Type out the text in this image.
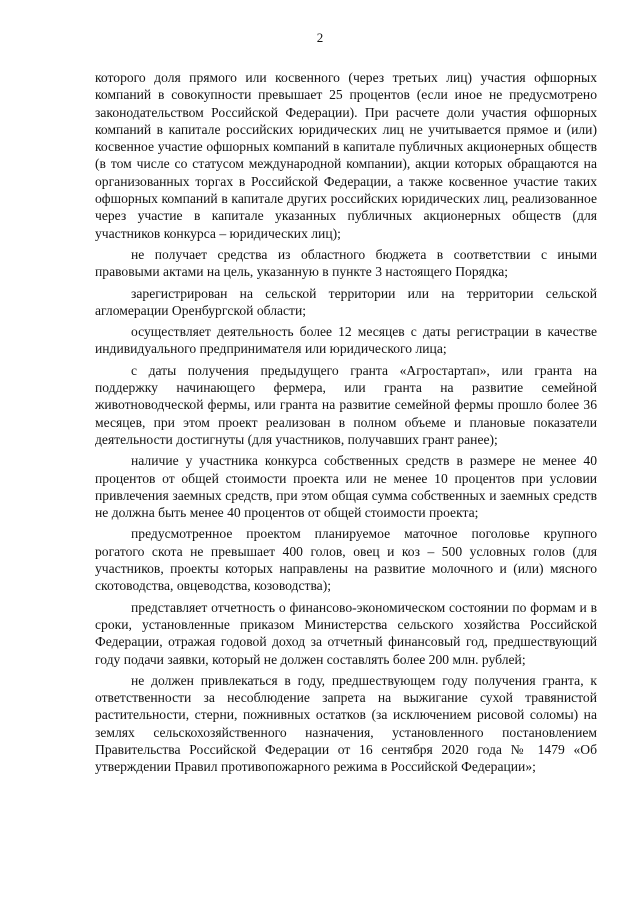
2

которого доля прямого или косвенного (через третьих лиц) участия офшорных компаний в совокупности превышает 25 процентов (если иное не предусмотрено законодательством Российской Федерации). При расчете доли участия офшорных компаний в капитале российских юридических лиц не учитывается прямое и (или) косвенное участие офшорных компаний в капитале публичных акционерных обществ (в том числе со статусом международной компании), акции которых обращаются на организованных торгах в Российской Федерации, а также косвенное участие таких офшорных компаний в капитале других российских юридических лиц, реализованное через участие в капитале указанных публичных акционерных обществ (для участников конкурса – юридических лиц);

не получает средства из областного бюджета в соответствии с иными правовыми актами на цель, указанную в пункте 3 настоящего Порядка;

зарегистрирован на сельской территории или на территории сельской агломерации Оренбургской области;

осуществляет деятельность более 12 месяцев с даты регистрации в качестве индивидуального предпринимателя или юридического лица;

с даты получения предыдущего гранта «Агростартап», или гранта на поддержку начинающего фермера, или гранта на развитие семейной животноводческой фермы, или гранта на развитие семейной фермы прошло более 36 месяцев, при этом проект реализован в полном объеме и плановые показатели деятельности достигнуты (для участников, получавших грант ранее);

наличие у участника конкурса собственных средств в размере не менее 40 процентов от общей стоимости проекта или не менее 10 процентов при условии привлечения заемных средств, при этом общая сумма собственных и заемных средств не должна быть менее 40 процентов от общей стоимости проекта;

предусмотренное проектом планируемое маточное поголовье крупного рогатого скота не превышает 400 голов, овец и коз – 500 условных голов (для участников, проекты которых направлены на развитие молочного и (или) мясного скотоводства, овцеводства, козоводства);

представляет отчетность о финансово-экономическом состоянии по формам и в сроки, установленные приказом Министерства сельского хозяйства Российской Федерации, отражая годовой доход за отчетный финансовый год, предшествующий году подачи заявки, который не должен составлять более 200 млн. рублей;

не должен привлекаться в году, предшествующем году получения гранта, к ответственности за несоблюдение запрета на выжигание сухой травянистой растительности, стерни, пожнивных остатков (за исключением рисовой соломы) на землях сельскохозяйственного назначения, установленного постановлением Правительства Российской Федерации от 16 сентября 2020 года № 1479 «Об утверждении Правил противопожарного режима в Российской Федерации»;
